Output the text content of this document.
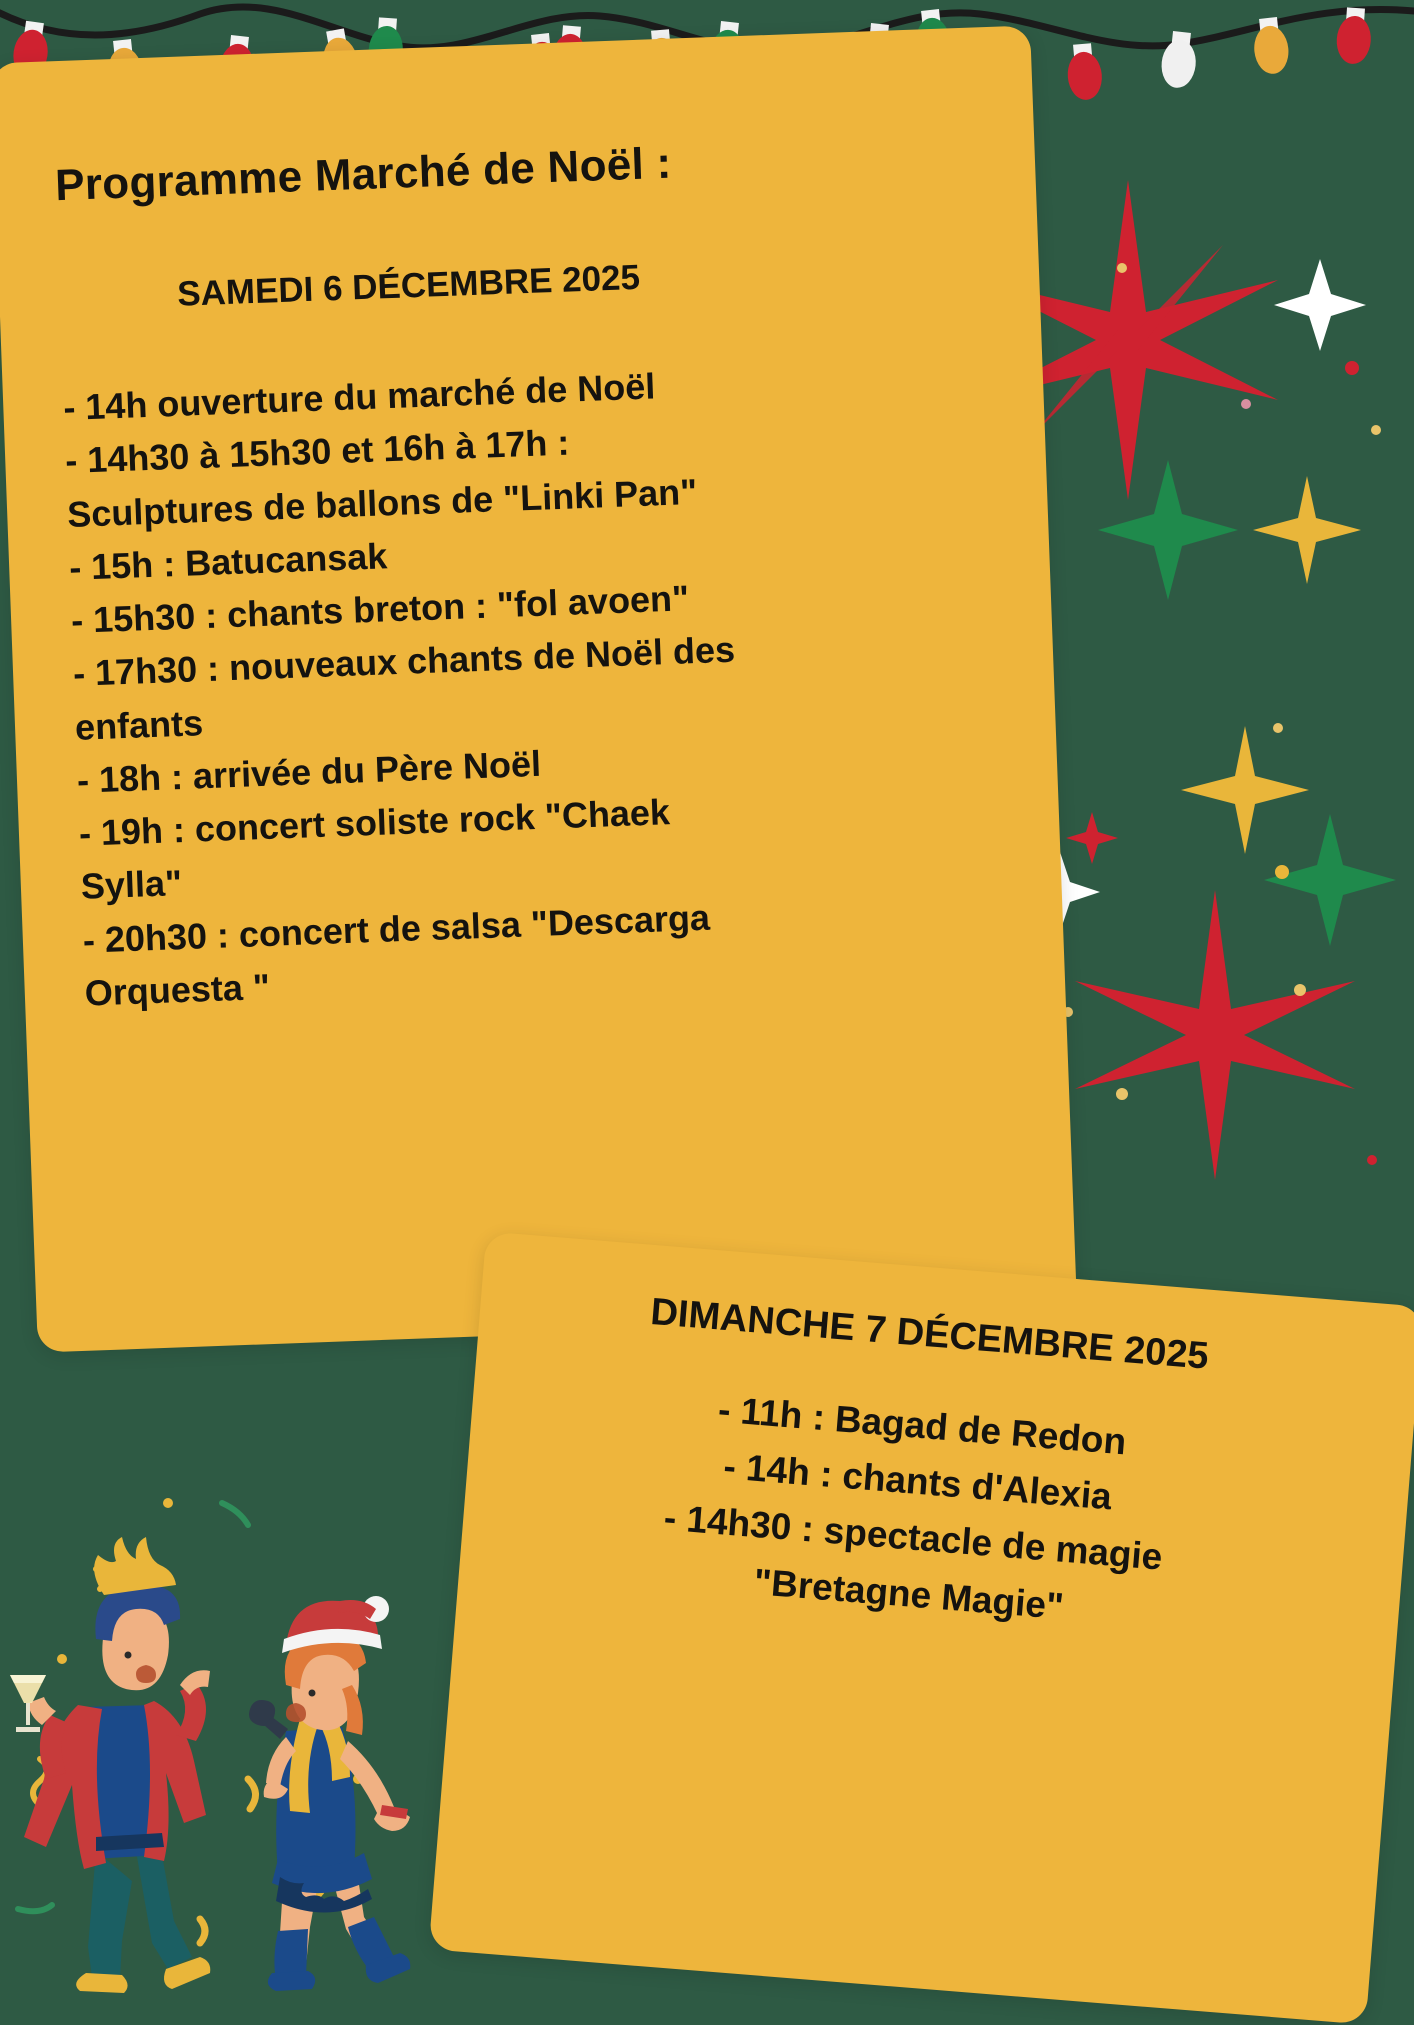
Programme Marché de Noël :
SAMEDI 6 DÉCEMBRE 2025
- 14h ouverture du marché de Noël
- 14h30 à 15h30 et 16h à 17h :
Sculptures de ballons de "Linki Pan"
- 15h : Batucansak
- 15h30 : chants breton : "fol avoen"
- 17h30 : nouveaux chants de Noël des
enfants
- 18h : arrivée du Père Noël
- 19h : concert soliste rock "Chaek
Sylla"
- 20h30 : concert de salsa "Descarga
Orquesta "
DIMANCHE 7 DÉCEMBRE 2025
- 11h : Bagad de Redon
- 14h : chants d'Alexia
- 14h30 : spectacle de magie
"Bretagne Magie"
